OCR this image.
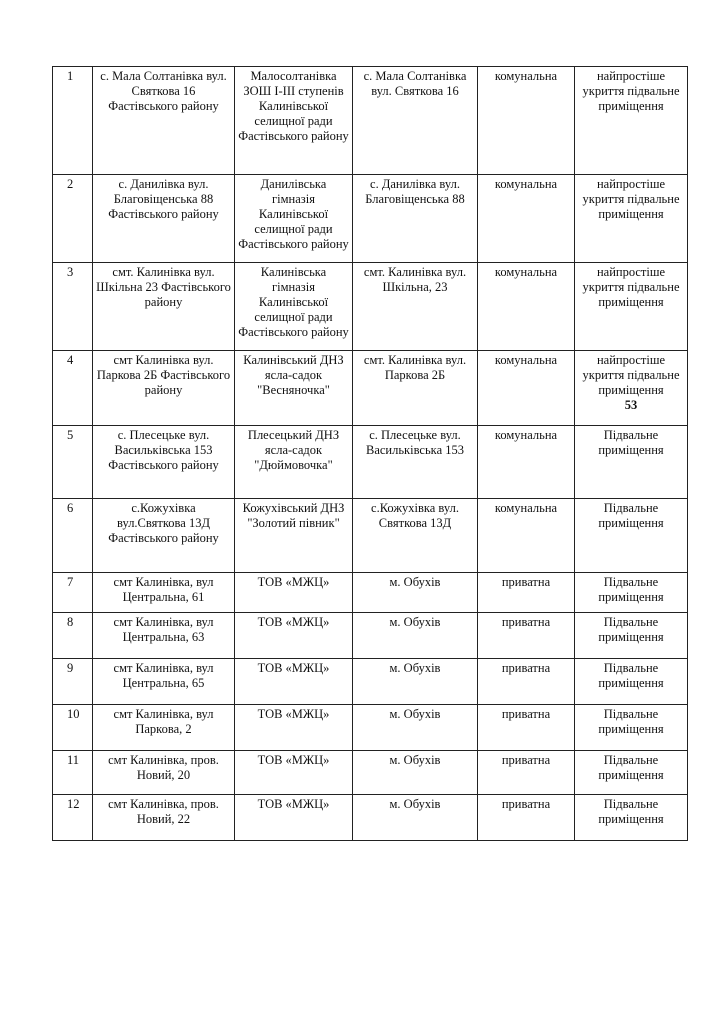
1	с. Мала Солтанівка вул. Святкова 16 Фастівського району	Малосолтанівка ЗОШ І-ІІІ ступенів Калинівської селищної ради Фастівського району	с. Мала Солтанівка вул. Святкова 16	комунальна	найпростіше укриття підвальне приміщення
2	с. Данилівка вул. Благовіщенська 88 Фастівського району	Данилівська гімназія Калинівської селищної ради Фастівського району	с. Данилівка вул. Благовіщенська 88	комунальна	найпростіше укриття підвальне приміщення
3	смт. Калинівка вул. Шкільна 23 Фастівського району	Калинівська гімназія Калинівської селищної ради Фастівського району	смт. Калинівка вул. Шкільна, 23	комунальна	найпростіше укриття підвальне приміщення
4	смт Калинівка вул. Паркова 2Б Фастівського району	Калинівський ДНЗ ясла-садок "Весняночка"	смт. Калинівка вул. Паркова 2Б	комунальна	найпростіше укриття підвальне приміщення
53

5	с. Плесецьке вул. Васильківська 153 Фастівського району	Плесецький ДНЗ ясла-садок "Дюймовочка"	с. Плесецьке вул. Васильківська 153	комунальна	Підвальне приміщення
6	с.Кожухівка вул.Святкова 13Д Фастівського району	Кожухівський ДНЗ "Золотий півник"	с.Кожухівка вул. Святкова 13Д	комунальна	Підвальне приміщення
7	смт Калинівка, вул Центральна, 61	ТОВ «МЖЦ»	м. Обухів	приватна	Підвальне приміщення
8	смт Калинівка, вул Центральна, 63	ТОВ «МЖЦ»	м. Обухів	приватна	Підвальне приміщення
9	смт Калинівка, вул Центральна, 65	ТОВ «МЖЦ»	м. Обухів	приватна	Підвальне приміщення
10	смт Калинівка, вул Паркова, 2	ТОВ «МЖЦ»	м. Обухів	приватна	Підвальне приміщення
11	смт Калинівка, пров. Новий, 20	ТОВ «МЖЦ»	м. Обухів	приватна	Підвальне приміщення
12	смт Калинівка, пров. Новий, 22	ТОВ «МЖЦ»	м. Обухів	приватна	Підвальне приміщення
